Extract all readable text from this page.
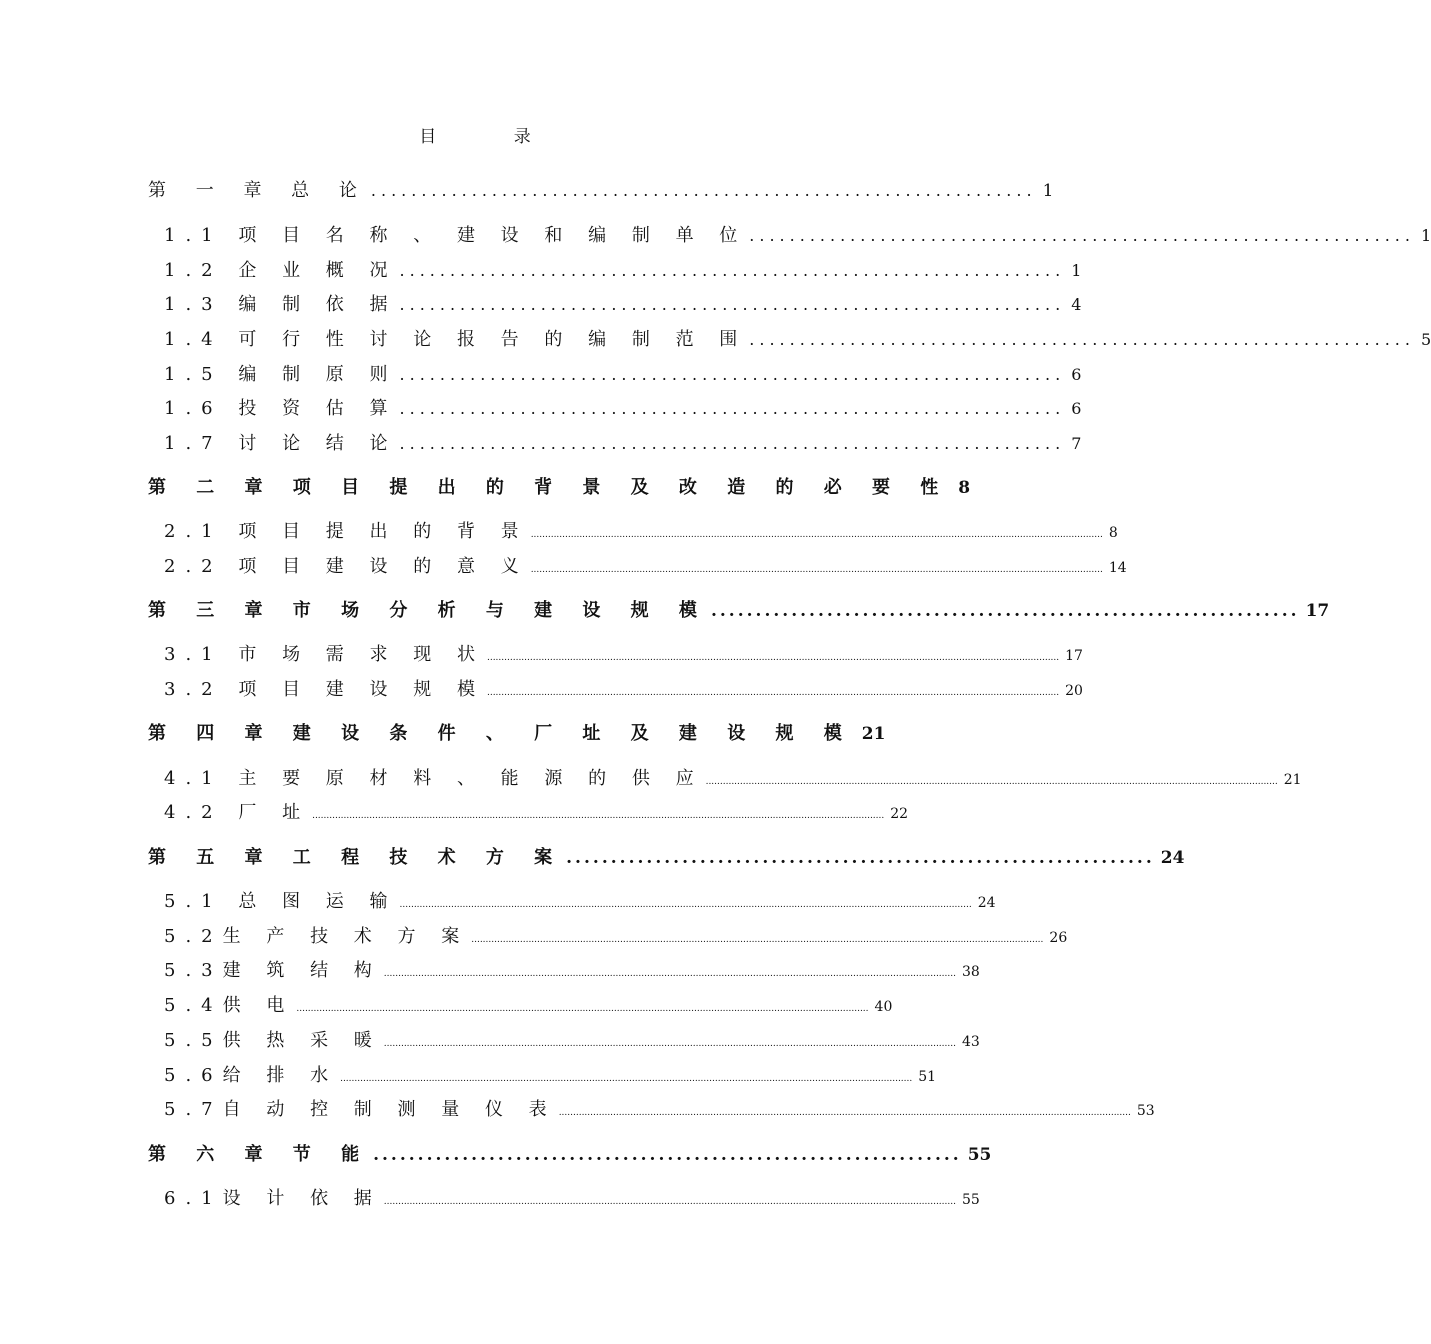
目 录
第 一 章 总 论 .................................................................. 1
1.1 项 目 名 称 、 建 设 和 编 制 单 位 .................................................................. 1
1.2 企 业 概 况 .................................................................. 1
1.3 编 制 依 据 .................................................................. 4
1.4 可 行 性 讨 论 报 告 的 编 制 范 围 .................................................................. 5
1.5 编 制 原 则 .................................................................. 6
1.6 投 资 估 算 .................................................................. 6
1.7 讨 论 结 论 .................................................................. 7
第 二 章 项 目 提 出 的 背 景 及 改 造 的 必 要 性 8
2.1 项 目 提 出 的 背 景 ........................................................................................................................................................................................................ 8
2.2 项 目 建 设 的 意 义 ........................................................................................................................................................................................................ 14
第 三 章 市 场 分 析 与 建 设 规 模 .................................................................. 17
3.1 市 场 需 求 现 状 ........................................................................................................................................................................................................ 17
3.2 项 目 建 设 规 模 ........................................................................................................................................................................................................ 20
第 四 章 建 设 条 件 、 厂 址 及 建 设 规 模 21
4.1 主 要 原 材 料 、 能 源 的 供 应 ........................................................................................................................................................................................................ 21
4.2 厂 址 ........................................................................................................................................................................................................ 22
第 五 章 工 程 技 术 方 案 .................................................................. 24
5.1 总 图 运 输 ........................................................................................................................................................................................................ 24
5.2生 产 技 术 方 案 ........................................................................................................................................................................................................ 26
5.3建 筑 结 构 ........................................................................................................................................................................................................ 38
5.4供 电 ........................................................................................................................................................................................................ 40
5.5供 热 采 暖 ........................................................................................................................................................................................................ 43
5.6给 排 水 ........................................................................................................................................................................................................ 51
5.7自 动 控 制 测 量 仪 表 ........................................................................................................................................................................................................ 53
第 六 章 节 能 .................................................................. 55
6.1设 计 依 据 ........................................................................................................................................................................................................ 55
